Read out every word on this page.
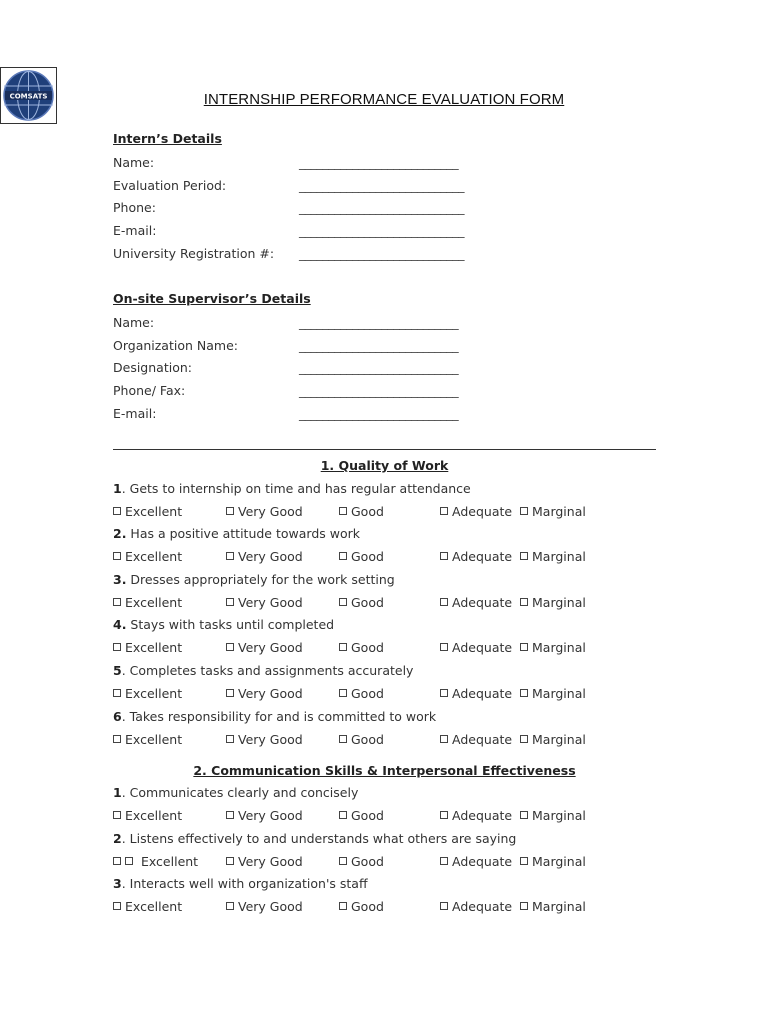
COMSATS	INTERNSHIP PERFORMANCE EVALUATION FORM
Intern’s Details
Name:	___________________________
Evaluation Period:	____________________________
Phone:	____________________________
E-mail:	____________________________
University Registration #: ____________________________
On-site Supervisor’s Details
Name:	___________________________
Organization Name:	___________________________
Designation:	___________________________
Phone/ Fax:	___________________________
E-mail:	___________________________
1. Quality of Work
1. Gets to internship on time and has regular attendance
Excellent	Very Good	Good	Adequate	Marginal
2. Has a positive attitude towards work
Excellent	Very Good	Good	Adequate	Marginal
3. Dresses appropriately for the work setting
Excellent	Very Good	Good	Adequate	Marginal
4. Stays with tasks until completed
Excellent	Very Good	Good	Adequate	Marginal
5. Completes tasks and assignments accurately
Excellent	Very Good	Good	Adequate	Marginal
6. Takes responsibility for and is committed to work
Excellent	Very Good	Good	Adequate	Marginal
2. Communication Skills & Interpersonal Effectiveness
1. Communicates clearly and concisely
Excellent	Very Good	Good	Adequate	Marginal
2. Listens effectively to and understands what others are saying
Excellent	Very Good	Good	Adequate	Marginal
3. Interacts well with organization's staff
Excellent	Very Good	Good	Adequate	Marginal
